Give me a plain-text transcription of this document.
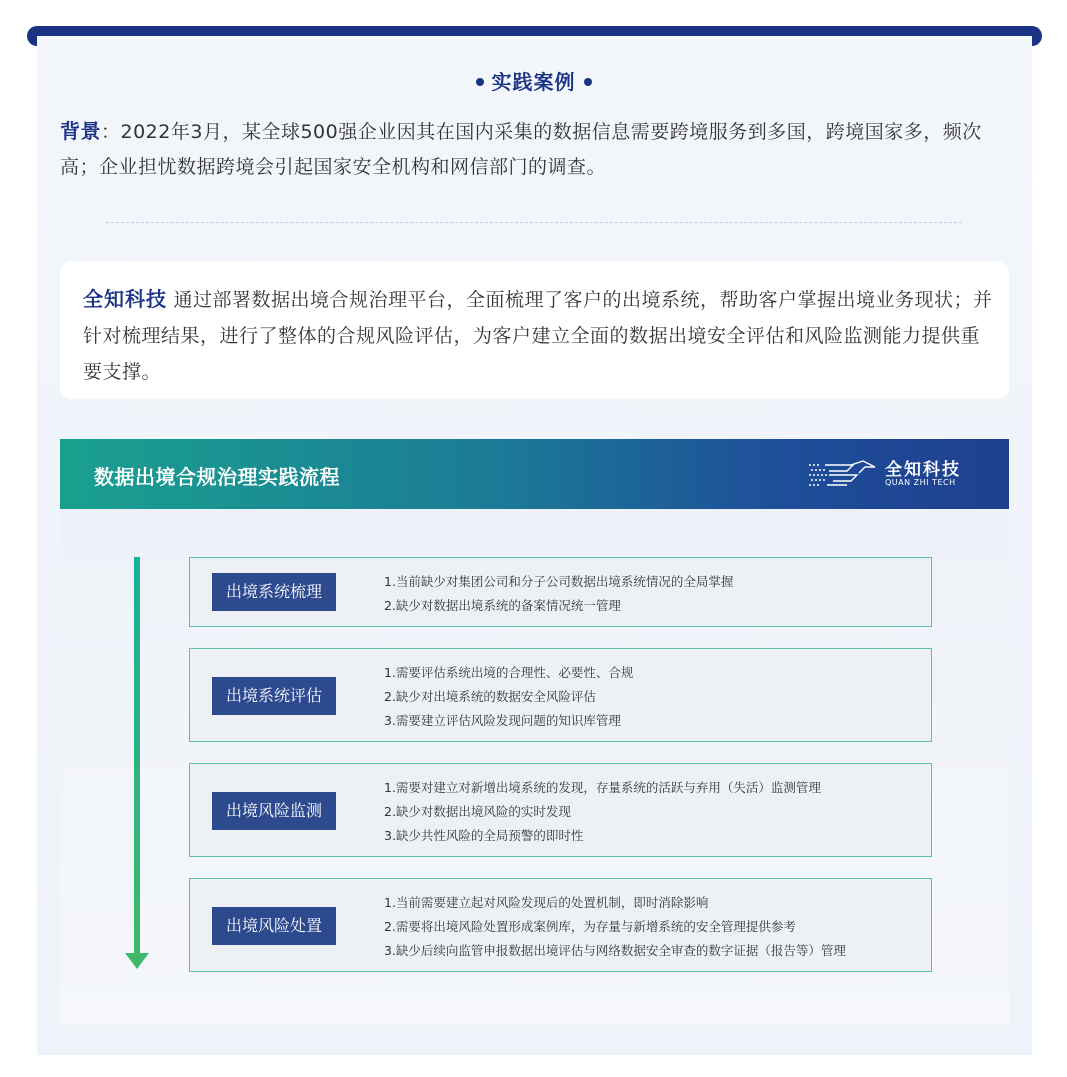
实践案例
背景：2022年3月，某全球500强企业因其在国内采集的数据信息需要跨境服务到多国，跨境国家多，频次高；企业担忧数据跨境会引起国家安全机构和网信部门的调查。
全知科技 通过部署数据出境合规治理平台，全面梳理了客户的出境系统，帮助客户掌握出境业务现状；并针对梳理结果，进行了整体的合规风险评估，为客户建立全面的数据出境安全评估和风险监测能力提供重要支撑。
数据出境合规治理实践流程	全知科技
QUAN ZHI TECH
出境系统梳理
1.当前缺少对集团公司和分子公司数据出境系统情况的全局掌握
2.缺少对数据出境系统的备案情况统一管理
出境系统评估
1.需要评估系统出境的合理性、必要性、合规
2.缺少对出境系统的数据安全风险评估
3.需要建立评估风险发现问题的知识库管理
出境风险监测
1.需要对建立对新增出境系统的发现，存量系统的活跃与弃用（失活）监测管理
2.缺少对数据出境风险的实时发现
3.缺少共性风险的全局预警的即时性
出境风险处置
1.当前需要建立起对风险发现后的处置机制，即时消除影响
2.需要将出境风险处置形成案例库，为存量与新增系统的安全管理提供参考
3.缺少后续向监管申报数据出境评估与网络数据安全审查的数字证据（报告等）管理
